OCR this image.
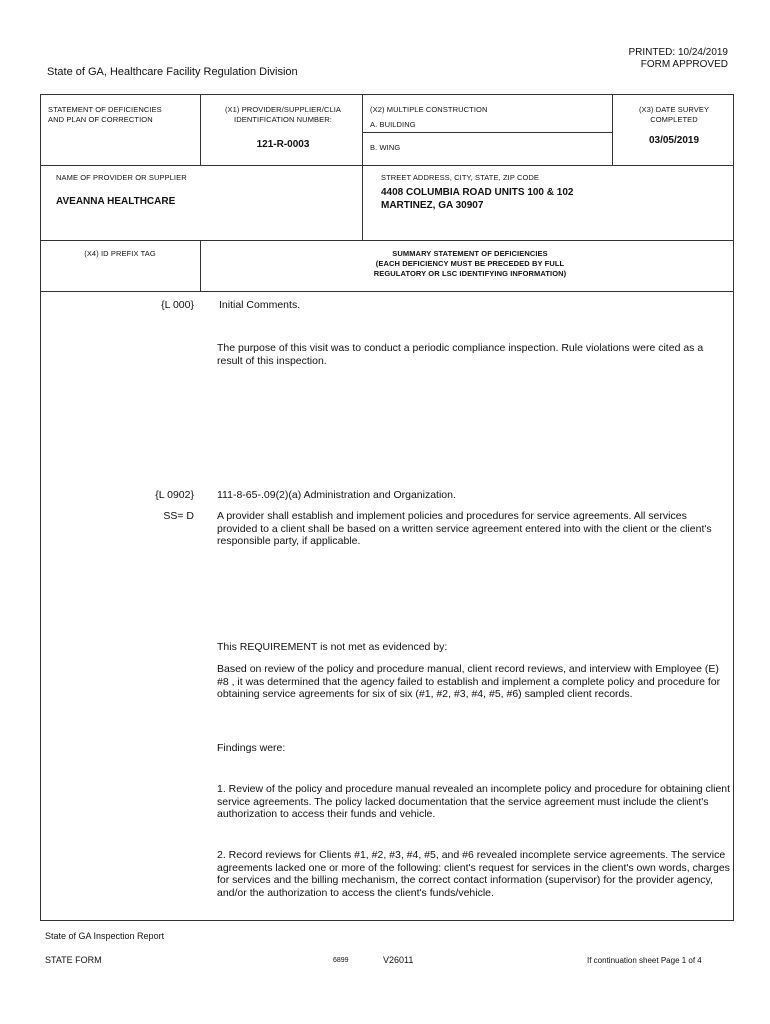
PRINTED: 10/24/2019
FORM APPROVED
State of GA, Healthcare Facility Regulation Division
STATEMENT OF DEFICIENCIES
AND PLAN OF CORRECTION
(X1) PROVIDER/SUPPLIER/CLIA
IDENTIFICATION NUMBER:
121-R-0003
(X2) MULTIPLE CONSTRUCTION
A. BUILDING
B. WING
(X3) DATE SURVEY
COMPLETED
03/05/2019
NAME OF PROVIDER OR SUPPLIER
AVEANNA HEALTHCARE
STREET ADDRESS, CITY, STATE, ZIP CODE
4408 COLUMBIA ROAD UNITS 100 & 102
MARTINEZ, GA 30907
(X4) ID PREFIX TAG	SUMMARY STATEMENT OF DEFICIENCIES
(EACH DEFICIENCY MUST BE PRECEDED BY FULL
REGULATORY OR LSC IDENTIFYING INFORMATION)
{L 000} Initial Comments.
The purpose of this visit was to conduct a periodic compliance inspection. Rule violations were cited as a result of this inspection.
{L 0902}
SS= D
111-8-65-.09(2)(a) Administration and Organization.
A provider shall establish and implement policies and procedures for service agreements. All services provided to a client shall be based on a written service agreement entered into with the client or the client's responsible party, if applicable.
This REQUIREMENT is not met as evidenced by:
Based on review of the policy and procedure manual, client record reviews, and interview with Employee (E) #8 , it was determined that the agency failed to establish and implement a complete policy and procedure for obtaining service agreements for six of six (#1, #2, #3, #4, #5, #6) sampled client records.
Findings were:
1. Review of the policy and procedure manual revealed an incomplete policy and procedure for obtaining client service agreements. The policy lacked documentation that the service agreement must include the client's authorization to access their funds and vehicle.
2. Record reviews for Clients #1, #2, #3, #4, #5, and #6 revealed incomplete service agreements. The service agreements lacked one or more of the following: client's request for services in the client's own words, charges for services and the billing mechanism, the correct contact information (supervisor) for the provider agency, and/or the authorization to access the client's funds/vehicle.
State of GA Inspection Report
STATE FORM	6899	V26011	If continuation sheet Page 1 of 4
